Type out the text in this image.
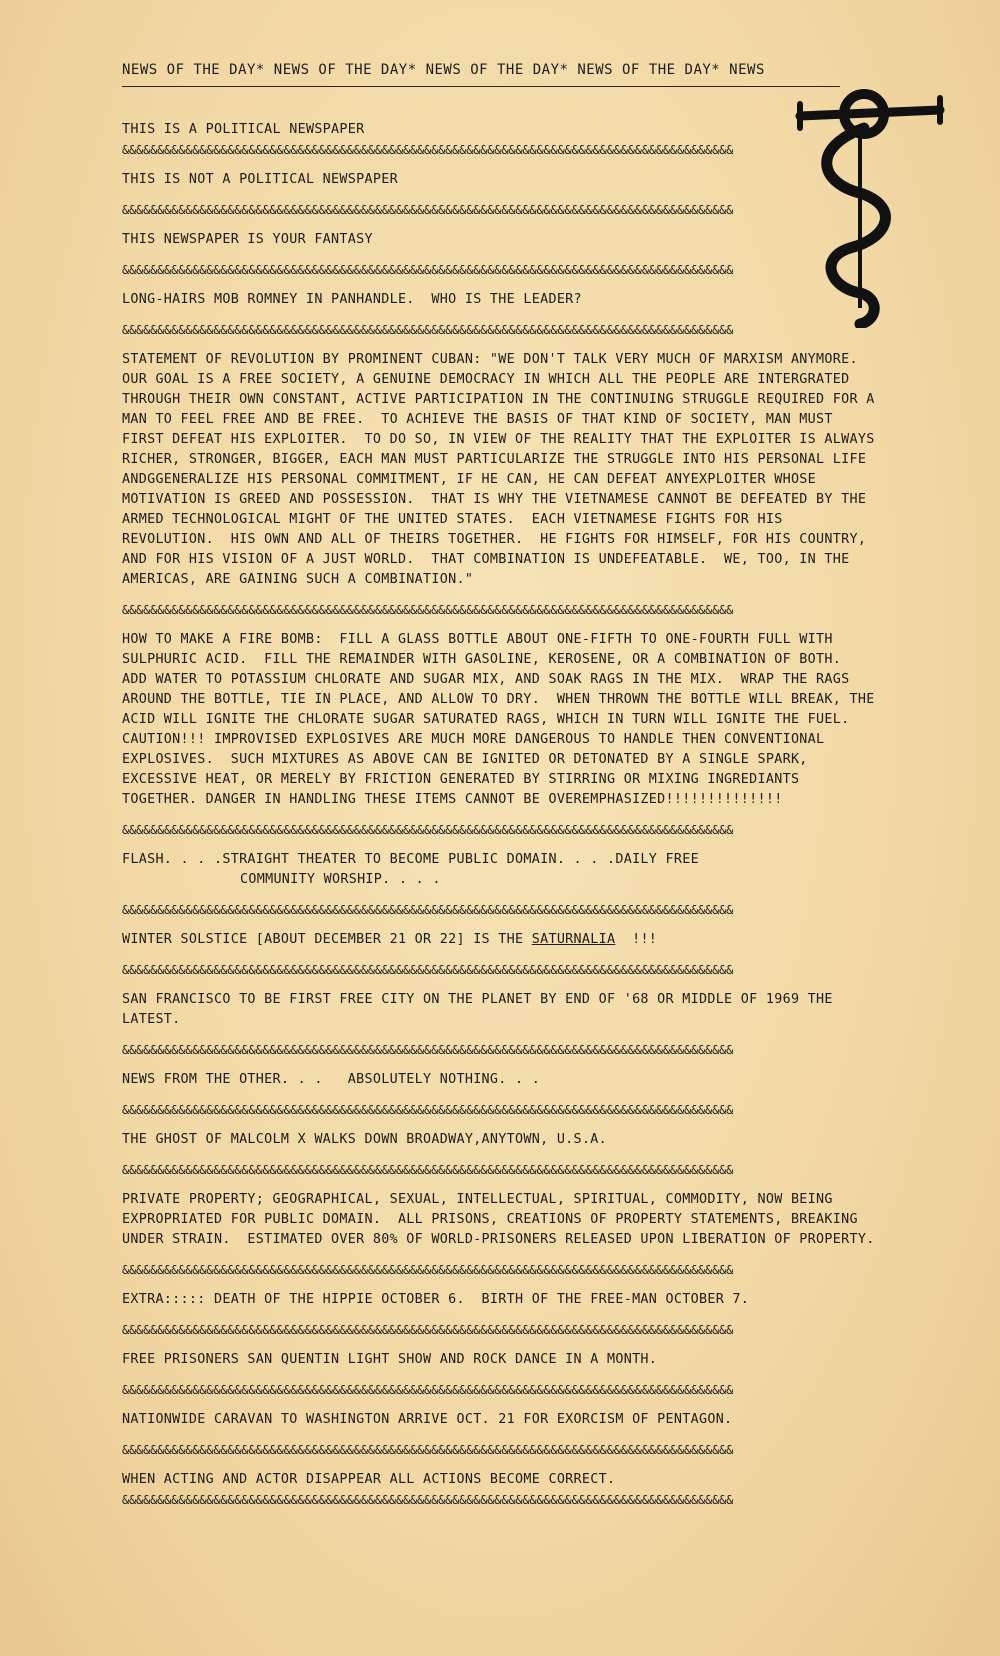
NEWS OF THE DAY* NEWS OF THE DAY* NEWS OF THE DAY* NEWS OF THE DAY* NEWS

THIS IS A POLITICAL NEWSPAPER

&&&&&&&&&&&&&&&&&&&&&&&&&&&&&&&&&&&&&&&&&&&&&&&&&&&&&&&&&&&&&&&&&&&&&&&&&&&&&&&&&&&&&&&

THIS IS NOT A POLITICAL NEWSPAPER

&&&&&&&&&&&&&&&&&&&&&&&&&&&&&&&&&&&&&&&&&&&&&&&&&&&&&&&&&&&&&&&&&&&&&&&&&&&&&&&&&&&&&&&

THIS NEWSPAPER IS YOUR FANTASY

&&&&&&&&&&&&&&&&&&&&&&&&&&&&&&&&&&&&&&&&&&&&&&&&&&&&&&&&&&&&&&&&&&&&&&&&&&&&&&&&&&&&&&&

LONG-HAIRS MOB ROMNEY IN PANHANDLE.  WHO IS THE LEADER?

&&&&&&&&&&&&&&&&&&&&&&&&&&&&&&&&&&&&&&&&&&&&&&&&&&&&&&&&&&&&&&&&&&&&&&&&&&&&&&&&&&&&&&&

STATEMENT OF REVOLUTION BY PROMINENT CUBAN: "WE DON'T TALK VERY MUCH OF MARXISM ANYMORE.  OUR GOAL IS A FREE SOCIETY, A GENUINE DEMOCRACY IN WHICH ALL THE PEOPLE ARE INTERGRATED THROUGH THEIR OWN CONSTANT, ACTIVE PARTICIPATION IN THE CONTINUING STRUGGLE REQUIRED FOR A MAN TO FEEL FREE AND BE FREE.  TO ACHIEVE THE BASIS OF THAT KIND OF SOCIETY, MAN MUST FIRST DEFEAT HIS EXPLOITER.  TO DO SO, IN VIEW OF THE REALITY THAT THE EXPLOITER IS ALWAYS RICHER, STRONGER, BIGGER, EACH MAN MUST PARTICULARIZE THE STRUGGLE INTO HIS PERSONAL LIFE ANDGGENERALIZE HIS PERSONAL COMMITMENT, IF HE CAN, HE CAN DEFEAT ANYEXPLOITER WHOSE MOTIVATION IS GREED AND POSSESSION.  THAT IS WHY THE VIETNAMESE CANNOT BE DEFEATED BY THE ARMED TECHNOLOGICAL MIGHT OF THE UNITED STATES.  EACH VIETNAMESE FIGHTS FOR HIS REVOLUTION.  HIS OWN AND ALL OF THEIRS TOGETHER.  HE FIGHTS FOR HIMSELF, FOR HIS COUNTRY, AND FOR HIS VISION OF A JUST WORLD.  THAT COMBINATION IS UNDEFEATABLE.  WE, TOO, IN THE AMERICAS, ARE GAINING SUCH A COMBINATION."

&&&&&&&&&&&&&&&&&&&&&&&&&&&&&&&&&&&&&&&&&&&&&&&&&&&&&&&&&&&&&&&&&&&&&&&&&&&&&&&&&&&&&&&

HOW TO MAKE A FIRE BOMB:  FILL A GLASS BOTTLE ABOUT ONE-FIFTH TO ONE-FOURTH FULL WITH SULPHURIC ACID.  FILL THE REMAINDER WITH GASOLINE, KEROSENE, OR A COMBINATION OF BOTH.  ADD WATER TO POTASSIUM CHLORATE AND SUGAR MIX, AND SOAK RAGS IN THE MIX.  WRAP THE RAGS AROUND THE BOTTLE, TIE IN PLACE, AND ALLOW TO DRY.  WHEN THROWN THE BOTTLE WILL BREAK, THE ACID WILL IGNITE THE CHLORATE SUGAR SATURATED RAGS, WHICH IN TURN WILL IGNITE THE FUEL.    CAUTION!!! IMPROVISED EXPLOSIVES ARE MUCH MORE DANGEROUS TO HANDLE THEN CONVENTIONAL EXPLOSIVES.  SUCH MIXTURES AS ABOVE CAN BE IGNITED OR DETONATED BY A SINGLE SPARK, EXCESSIVE HEAT, OR MERELY BY FRICTION GENERATED BY STIRRING OR MIXING INGREDIANTS TOGETHER. DANGER IN HANDLING THESE ITEMS CANNOT BE OVEREMPHASIZED!!!!!!!!!!!!!!

&&&&&&&&&&&&&&&&&&&&&&&&&&&&&&&&&&&&&&&&&&&&&&&&&&&&&&&&&&&&&&&&&&&&&&&&&&&&&&&&&&&&&&&

FLASH. . . .STRAIGHT THEATER TO BECOME PUBLIC DOMAIN. . . .DAILY FREE

COMMUNITY WORSHIP. . . .

&&&&&&&&&&&&&&&&&&&&&&&&&&&&&&&&&&&&&&&&&&&&&&&&&&&&&&&&&&&&&&&&&&&&&&&&&&&&&&&&&&&&&&&

WINTER SOLSTICE [ABOUT DECEMBER 21 OR 22] IS THE SATURNALIA  !!!

&&&&&&&&&&&&&&&&&&&&&&&&&&&&&&&&&&&&&&&&&&&&&&&&&&&&&&&&&&&&&&&&&&&&&&&&&&&&&&&&&&&&&&&

SAN FRANCISCO TO BE FIRST FREE CITY ON THE PLANET BY END OF '68 OR MIDDLE OF 1969 THE LATEST.

&&&&&&&&&&&&&&&&&&&&&&&&&&&&&&&&&&&&&&&&&&&&&&&&&&&&&&&&&&&&&&&&&&&&&&&&&&&&&&&&&&&&&&&

NEWS FROM THE OTHER. . .   ABSOLUTELY NOTHING. . .

&&&&&&&&&&&&&&&&&&&&&&&&&&&&&&&&&&&&&&&&&&&&&&&&&&&&&&&&&&&&&&&&&&&&&&&&&&&&&&&&&&&&&&&

THE GHOST OF MALCOLM X WALKS DOWN BROADWAY,ANYTOWN, U.S.A.

&&&&&&&&&&&&&&&&&&&&&&&&&&&&&&&&&&&&&&&&&&&&&&&&&&&&&&&&&&&&&&&&&&&&&&&&&&&&&&&&&&&&&&&

PRIVATE PROPERTY; GEOGRAPHICAL, SEXUAL, INTELLECTUAL, SPIRITUAL, COMMODITY, NOW BEING EXPROPRIATED FOR PUBLIC DOMAIN.  ALL PRISONS, CREATIONS OF PROPERTY STATEMENTS, BREAKING UNDER STRAIN.  ESTIMATED OVER 80% OF WORLD-PRISONERS RELEASED UPON LIBERATION OF PROPERTY.

&&&&&&&&&&&&&&&&&&&&&&&&&&&&&&&&&&&&&&&&&&&&&&&&&&&&&&&&&&&&&&&&&&&&&&&&&&&&&&&&&&&&&&&

EXTRA::::: DEATH OF THE HIPPIE OCTOBER 6.  BIRTH OF THE FREE-MAN OCTOBER 7.

&&&&&&&&&&&&&&&&&&&&&&&&&&&&&&&&&&&&&&&&&&&&&&&&&&&&&&&&&&&&&&&&&&&&&&&&&&&&&&&&&&&&&&&

FREE PRISONERS SAN QUENTIN LIGHT SHOW AND ROCK DANCE IN A MONTH.

&&&&&&&&&&&&&&&&&&&&&&&&&&&&&&&&&&&&&&&&&&&&&&&&&&&&&&&&&&&&&&&&&&&&&&&&&&&&&&&&&&&&&&&

NATIONWIDE CARAVAN TO WASHINGTON ARRIVE OCT. 21 FOR EXORCISM OF PENTAGON.

&&&&&&&&&&&&&&&&&&&&&&&&&&&&&&&&&&&&&&&&&&&&&&&&&&&&&&&&&&&&&&&&&&&&&&&&&&&&&&&&&&&&&&&

WHEN ACTING AND ACTOR DISAPPEAR ALL ACTIONS BECOME CORRECT.

&&&&&&&&&&&&&&&&&&&&&&&&&&&&&&&&&&&&&&&&&&&&&&&&&&&&&&&&&&&&&&&&&&&&&&&&&&&&&&&&&&&&&&&
